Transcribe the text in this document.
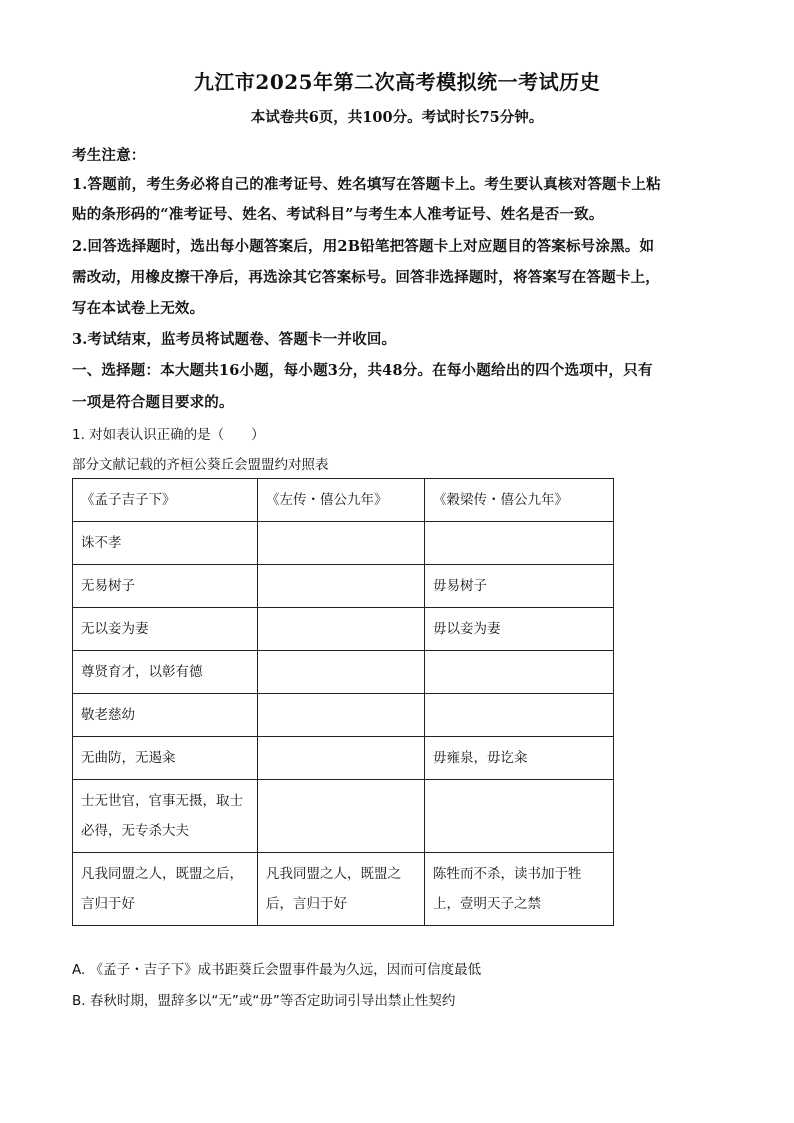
九江市2025年第二次高考模拟统一考试历史
本试卷共6页，共100分。考试时长75分钟。
考生注意：
1.答题前，考生务必将自己的准考证号、姓名填写在答题卡上。考生要认真核对答题卡上粘
贴的条形码的“准考证号、姓名、考试科目”与考生本人准考证号、姓名是否一致。
2.回答选择题时，选出每小题答案后，用2B铅笔把答题卡上对应题目的答案标号涂黑。如
需改动，用橡皮擦干净后，再选涂其它答案标号。回答非选择题时，将答案写在答题卡上，
写在本试卷上无效。
3.考试结束，监考员将试题卷、答题卡一并收回。
一、选择题：本大题共16小题，每小题3分，共48分。在每小题给出的四个选项中，只有
一项是符合题目要求的。
1. 对如表认识正确的是（　　）
部分文献记载的齐桓公葵丘会盟盟约对照表
《孟子吉子下》	《左传・僖公九年》	《穀梁传・僖公九年》
诛不孝		
无易树子		毋易树子
无以妾为妻		毋以妾为妻
尊贤育才，以彰有德		
敬老慈幼		
无曲防，无遏籴		毋雍泉，毋讫籴
士无世官，官事无摄，取士必得，无专杀大夫		
凡我同盟之人，既盟之后，言归于好	凡我同盟之人，既盟之后，言归于好	陈牲而不杀，读书加于牲上，壹明天子之禁
A. 《孟子・吉子下》成书距葵丘会盟事件最为久远，因而可信度最低
B. 春秋时期，盟辞多以“无”或“毋”等否定助词引导出禁止性契约
